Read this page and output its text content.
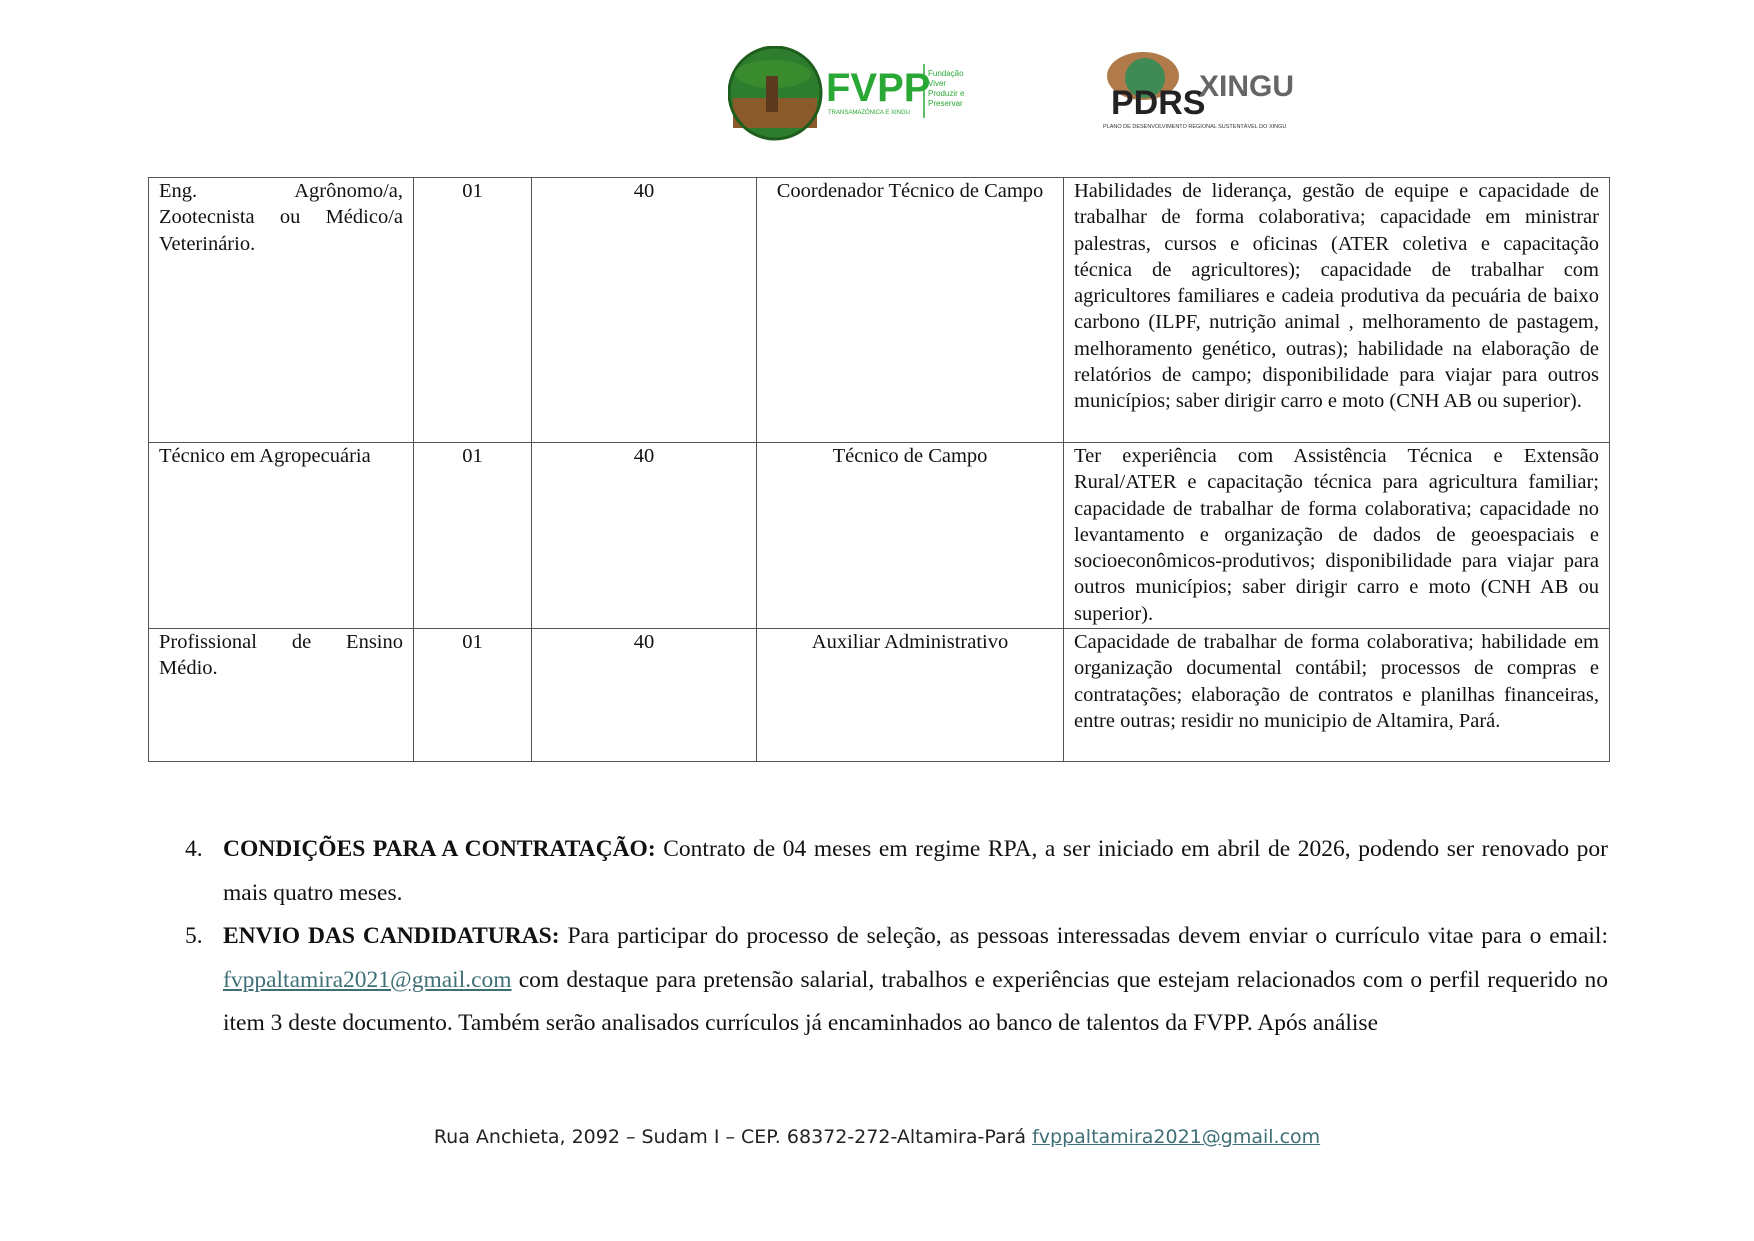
FVPP
Fundação
Viver
Produzir e
Preservar
TRANSAMAZÔNICA E XINGU	PDRS
XINGU
PLANO DE DESENVOLVIMENTO REGIONAL SUSTENTÁVEL DO XINGU
Eng. Agrônomo/a, Zootecnista ou Médico/a Veterinário.	01	40	Coordenador Técnico de Campo	Habilidades de liderança, gestão de equipe e capacidade de trabalhar de forma colaborativa; capacidade em ministrar palestras, cursos e oficinas (ATER coletiva e capacitação técnica de agricultores); capacidade de trabalhar com agricultores familiares e cadeia produtiva da pecuária de baixo carbono (ILPF, nutrição animal , melhoramento de pastagem, melhoramento genético, outras); habilidade na elaboração de relatórios de campo; disponibilidade para viajar para outros municípios; saber dirigir carro e moto (CNH AB ou superior).
Técnico em Agropecuária	01	40	Técnico de Campo	Ter experiência com Assistência Técnica e Extensão Rural/ATER e capacitação técnica para agricultura familiar; capacidade de trabalhar de forma colaborativa; capacidade no levantamento e organização de dados de geoespaciais e socioeconômicos-produtivos; disponibilidade para viajar para outros municípios; saber dirigir carro e moto (CNH AB ou superior).
Profissional de Ensino Médio.	01	40	Auxiliar Administrativo	Capacidade de trabalhar de forma colaborativa; habilidade em organização documental contábil; processos de compras e contratações; elaboração de contratos e planilhas financeiras, entre outras; residir no municipio de Altamira, Pará.
4. CONDIÇÕES PARA A CONTRATAÇÃO: Contrato de 04 meses em regime RPA, a ser iniciado em abril de 2026, podendo ser renovado por mais quatro meses.
5. ENVIO DAS CANDIDATURAS: Para participar do processo de seleção, as pessoas interessadas devem enviar o currículo vitae para o email: fvppaltamira2021@gmail.com com destaque para pretensão salarial, trabalhos e experiências que estejam relacionados com o perfil requerido no item 3 deste documento. Também serão analisados currículos já encaminhados ao banco de talentos da FVPP. Após análise
Rua Anchieta, 2092 – Sudam I – CEP. 68372-272-Altamira-Pará fvppaltamira2021@gmail.com
